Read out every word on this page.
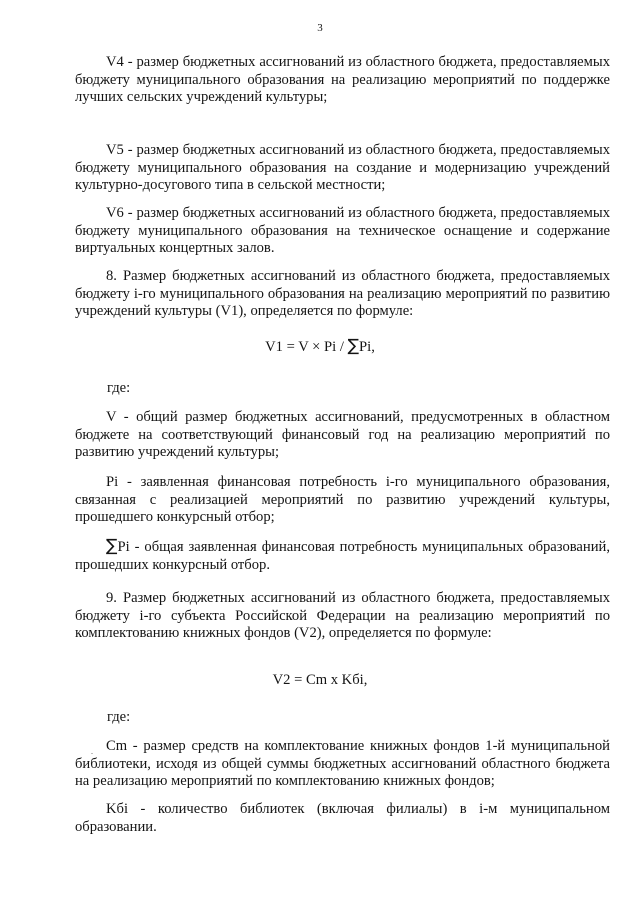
3

V4 - размер бюджетных ассигнований из областного бюджета, предоставляемых бюджету муниципального образования на реализацию мероприятий по поддержке лучших сельских учреждений культуры;

V5 - размер бюджетных ассигнований из областного бюджета, предоставляемых бюджету муниципального образования на создание и модернизацию учреждений культурно-досугового типа в сельской местности;

V6 - размер бюджетных ассигнований из областного бюджета, предоставляемых бюджету муниципального образования на техническое оснащение и содержание виртуальных концертных залов.

8. Размер бюджетных ассигнований из областного бюджета, предоставляемых бюджету i-го муниципального образования на реализацию мероприятий по развитию учреждений культуры (V1), определяется по формуле:

V1 = V × Pi / ∑Pi,

где:

V - общий размер бюджетных ассигнований, предусмотренных в областном бюджете на соответствующий финансовый год на реализацию мероприятий по развитию учреждений культуры;

Pi - заявленная финансовая потребность i-го муниципального образования, связанная с реализацией мероприятий по развитию учреждений культуры, прошедшего конкурсный отбор;

∑Pi - общая заявленная финансовая потребность муниципальных образований, прошедших конкурсный отбор.

9. Размер бюджетных ассигнований из областного бюджета, предоставляемых бюджету i-го субъекта Российской Федерации на реализацию мероприятий по комплектованию книжных фондов (V2), определяется по формуле:

V2 = Cm x Kбi,

где:

. Cm - размер средств на комплектование книжных фондов 1-й муниципальной библиотеки, исходя из общей суммы бюджетных ассигнований областного бюджета на реализацию мероприятий по комплектованию книжных фондов;

Kбi - количество библиотек (включая филиалы) в i-м муниципальном образовании.
